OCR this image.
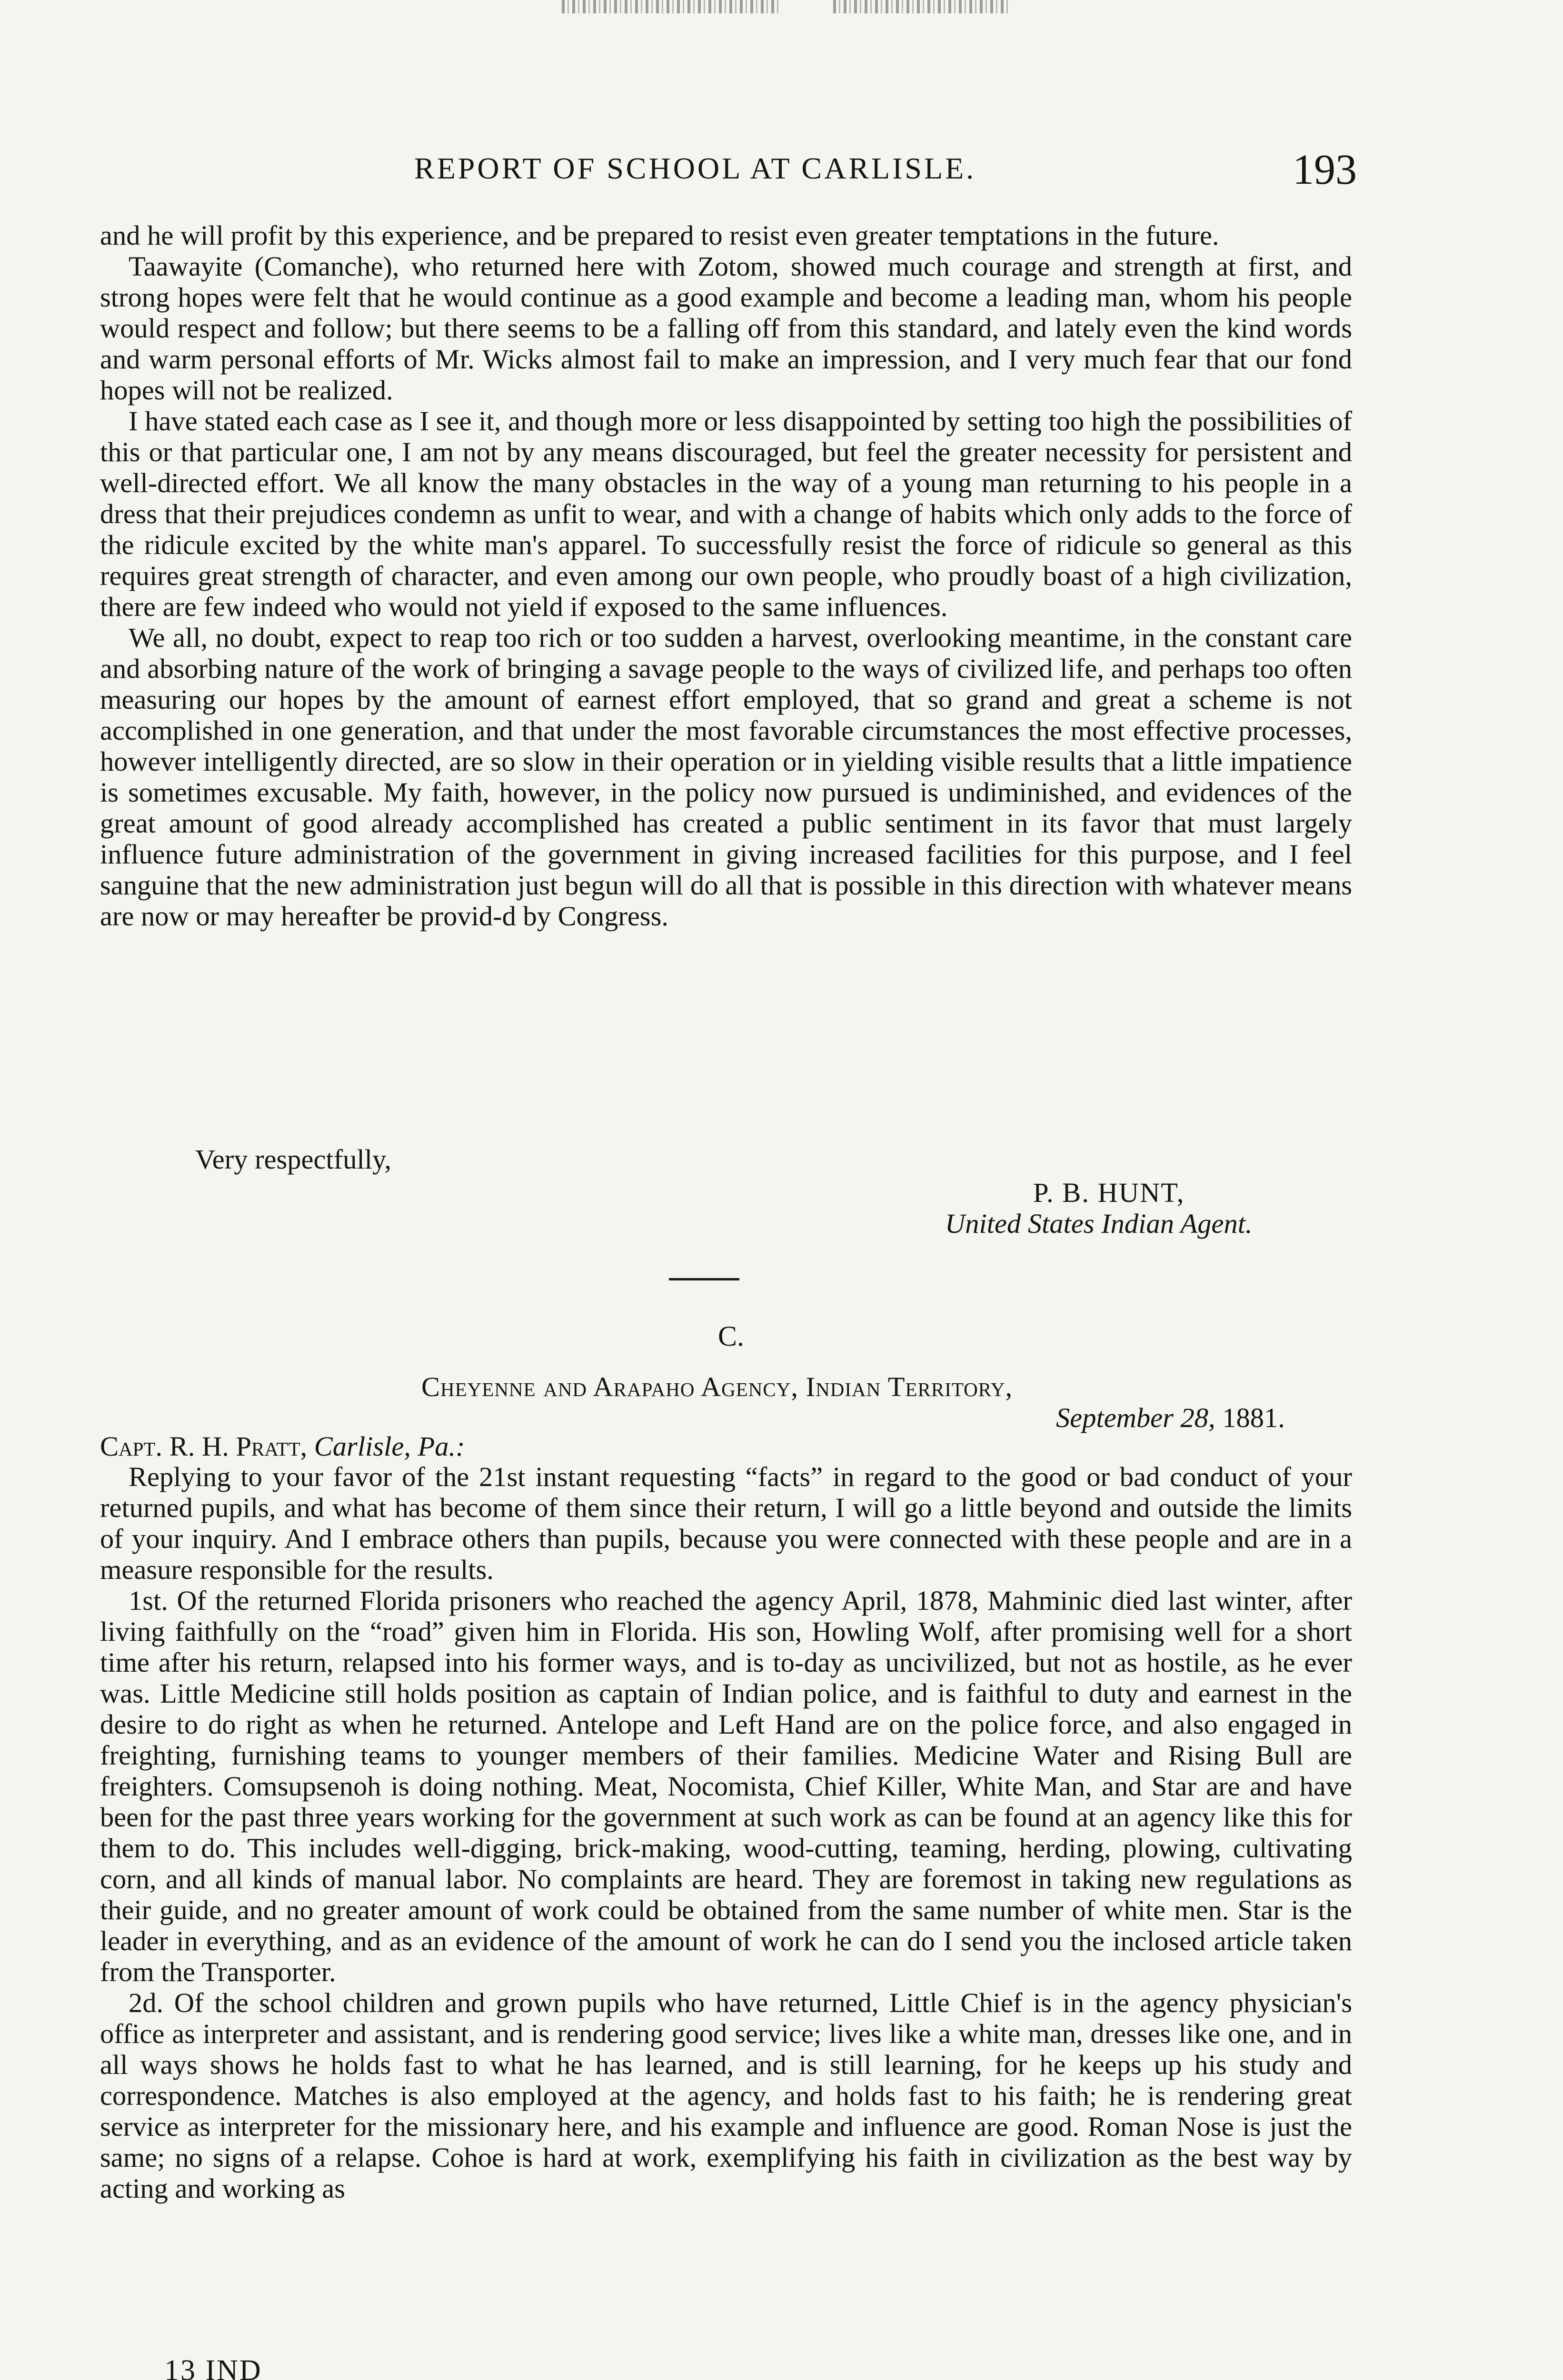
REPORT OF SCHOOL AT CARLISLE.	193

and he will profit by this experience, and be prepared to resist even greater temptations in the future.

Taawayite (Comanche), who returned here with Zotom, showed much courage and strength at first, and strong hopes were felt that he would continue as a good example and become a leading man, whom his people would respect and follow; but there seems to be a falling off from this standard, and lately even the kind words and warm personal efforts of Mr. Wicks almost fail to make an impression, and I very much fear that our fond hopes will not be realized.

I have stated each case as I see it, and though more or less disappointed by setting too high the possibilities of this or that particular one, I am not by any means discouraged, but feel the greater necessity for persistent and well-directed effort. We all know the many obstacles in the way of a young man returning to his people in a dress that their prejudices condemn as unfit to wear, and with a change of habits which only adds to the force of the ridicule excited by the white man's apparel. To successfully resist the force of ridicule so general as this requires great strength of character, and even among our own people, who proudly boast of a high civilization, there are few indeed who would not yield if exposed to the same influences.

We all, no doubt, expect to reap too rich or too sudden a harvest, overlooking meantime, in the constant care and absorbing nature of the work of bringing a savage people to the ways of civilized life, and perhaps too often measuring our hopes by the amount of earnest effort employed, that so grand and great a scheme is not accomplished in one generation, and that under the most favorable circumstances the most effective processes, however intelligently directed, are so slow in their operation or in yielding visible results that a little impatience is sometimes excusable. My faith, however, in the policy now pursued is undiminished, and evidences of the great amount of good already accomplished has created a public sentiment in its favor that must largely influence future administration of the government in giving increased facilities for this purpose, and I feel sanguine that the new administration just begun will do all that is possible in this direction with whatever means are now or may hereafter be provid-d by Congress.

Very respectfully,
P. B. HUNT,
United States Indian Agent.
C.
Cheyenne and Arapaho Agency, Indian Territory,
September 28, 1881.
Capt. R. H. Pratt, Carlisle, Pa.:

Replying to your favor of the 21st instant requesting “facts” in regard to the good or bad conduct of your returned pupils, and what has become of them since their return, I will go a little beyond and outside the limits of your inquiry. And I embrace others than pupils, because you were connected with these people and are in a measure responsible for the results.

1st. Of the returned Florida prisoners who reached the agency April, 1878, Mahminic died last winter, after living faithfully on the “road” given him in Florida. His son, Howling Wolf, after promising well for a short time after his return, relapsed into his former ways, and is to-day as uncivilized, but not as hostile, as he ever was. Little Medicine still holds position as captain of Indian police, and is faithful to duty and earnest in the desire to do right as when he returned. Antelope and Left Hand are on the police force, and also engaged in freighting, furnishing teams to younger members of their families. Medicine Water and Rising Bull are freighters. Comsupsenoh is doing nothing. Meat, Nocomista, Chief Killer, White Man, and Star are and have been for the past three years working for the government at such work as can be found at an agency like this for them to do. This includes well-digging, brick-making, wood-cutting, teaming, herding, plowing, cultivating corn, and all kinds of manual labor. No complaints are heard. They are foremost in taking new regulations as their guide, and no greater amount of work could be obtained from the same number of white men. Star is the leader in everything, and as an evidence of the amount of work he can do I send you the inclosed article taken from the Transporter.

2d. Of the school children and grown pupils who have returned, Little Chief is in the agency physician's office as interpreter and assistant, and is rendering good service; lives like a white man, dresses like one, and in all ways shows he holds fast to what he has learned, and is still learning, for he keeps up his study and correspondence. Matches is also employed at the agency, and holds fast to his faith; he is rendering great service as interpreter for the missionary here, and his example and influence are good. Roman Nose is just the same; no signs of a relapse. Cohoe is hard at work, exemplifying his faith in civilization as the best way by acting and working as

13 IND
